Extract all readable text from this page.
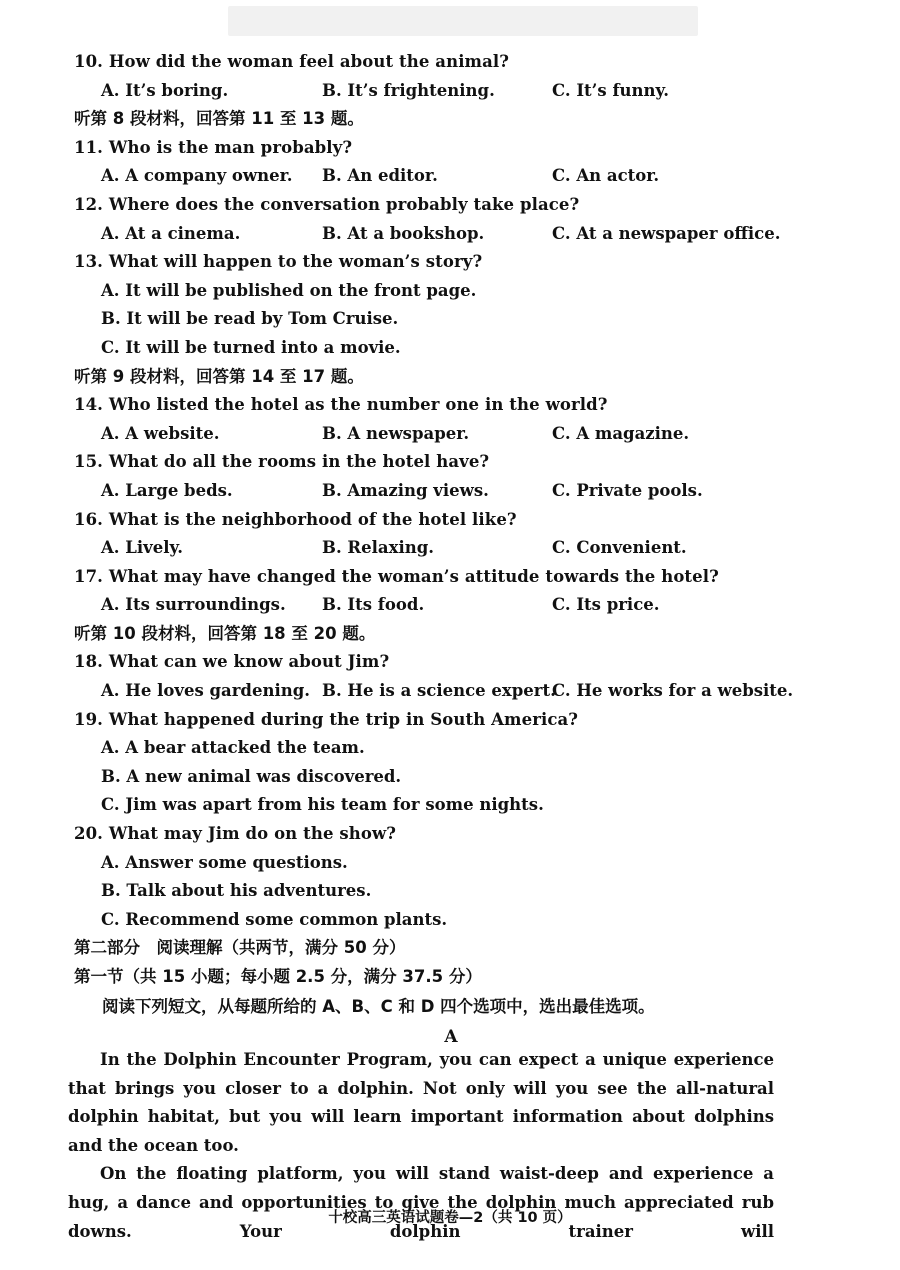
10. How did the woman feel about the animal?
A. It’s boring.	B. It’s frightening.	C. It’s funny.
听第 8 段材料，回答第 11 至 13 题。
11. Who is the man probably?
A. A company owner. B. An editor.	C. An actor.
12. Where does the conversation probably take place?
A. At a cinema.	B. At a bookshop.	C. At a newspaper office.
13. What will happen to the woman’s story?
A. It will be published on the front page.
B. It will be read by Tom Cruise.
C. It will be turned into a movie.
听第 9 段材料，回答第 14 至 17 题。
14. Who listed the hotel as the number one in the world?
A. A website.	B. A newspaper.	C. A magazine.
15. What do all the rooms in the hotel have?
A. Large beds.	B. Amazing views.	C. Private pools.
16. What is the neighborhood of the hotel like?
A. Lively.	B. Relaxing.	C. Convenient.
17. What may have changed the woman’s attitude towards the hotel?
A. Its surroundings. B. Its food.	C. Its price.
听第 10 段材料，回答第 18 至 20 题。
18. What can we know about Jim?
A. He loves gardening. B. He is a science expert.
C. He works for a website.
19. What happened during the trip in South America?
A. A bear attacked the team.
B. A new animal was discovered.
C. Jim was apart from his team for some nights.
20. What may Jim do on the show?
A. Answer some questions.
B. Talk about his adventures.
C. Recommend some common plants.
第二部分　阅读理解（共两节，满分 50 分）
第一节（共 15 小题；每小题 2.5 分，满分 37.5 分）
阅读下列短文，从每题所给的 A、B、C 和 D 四个选项中，选出最佳选项。
A

In the Dolphin Encounter Program, you can expect a unique experience that brings you closer to a dolphin. Not only will you see the all-natural dolphin habitat, but you will learn important information about dolphins and the ocean too.

On the floating platform, you will stand waist-deep and experience a hug, a dance and opportunities to give the dolphin much appreciated rub downs. Your dolphin trainer will

十校高三英语试题卷—2（共 10 页）
